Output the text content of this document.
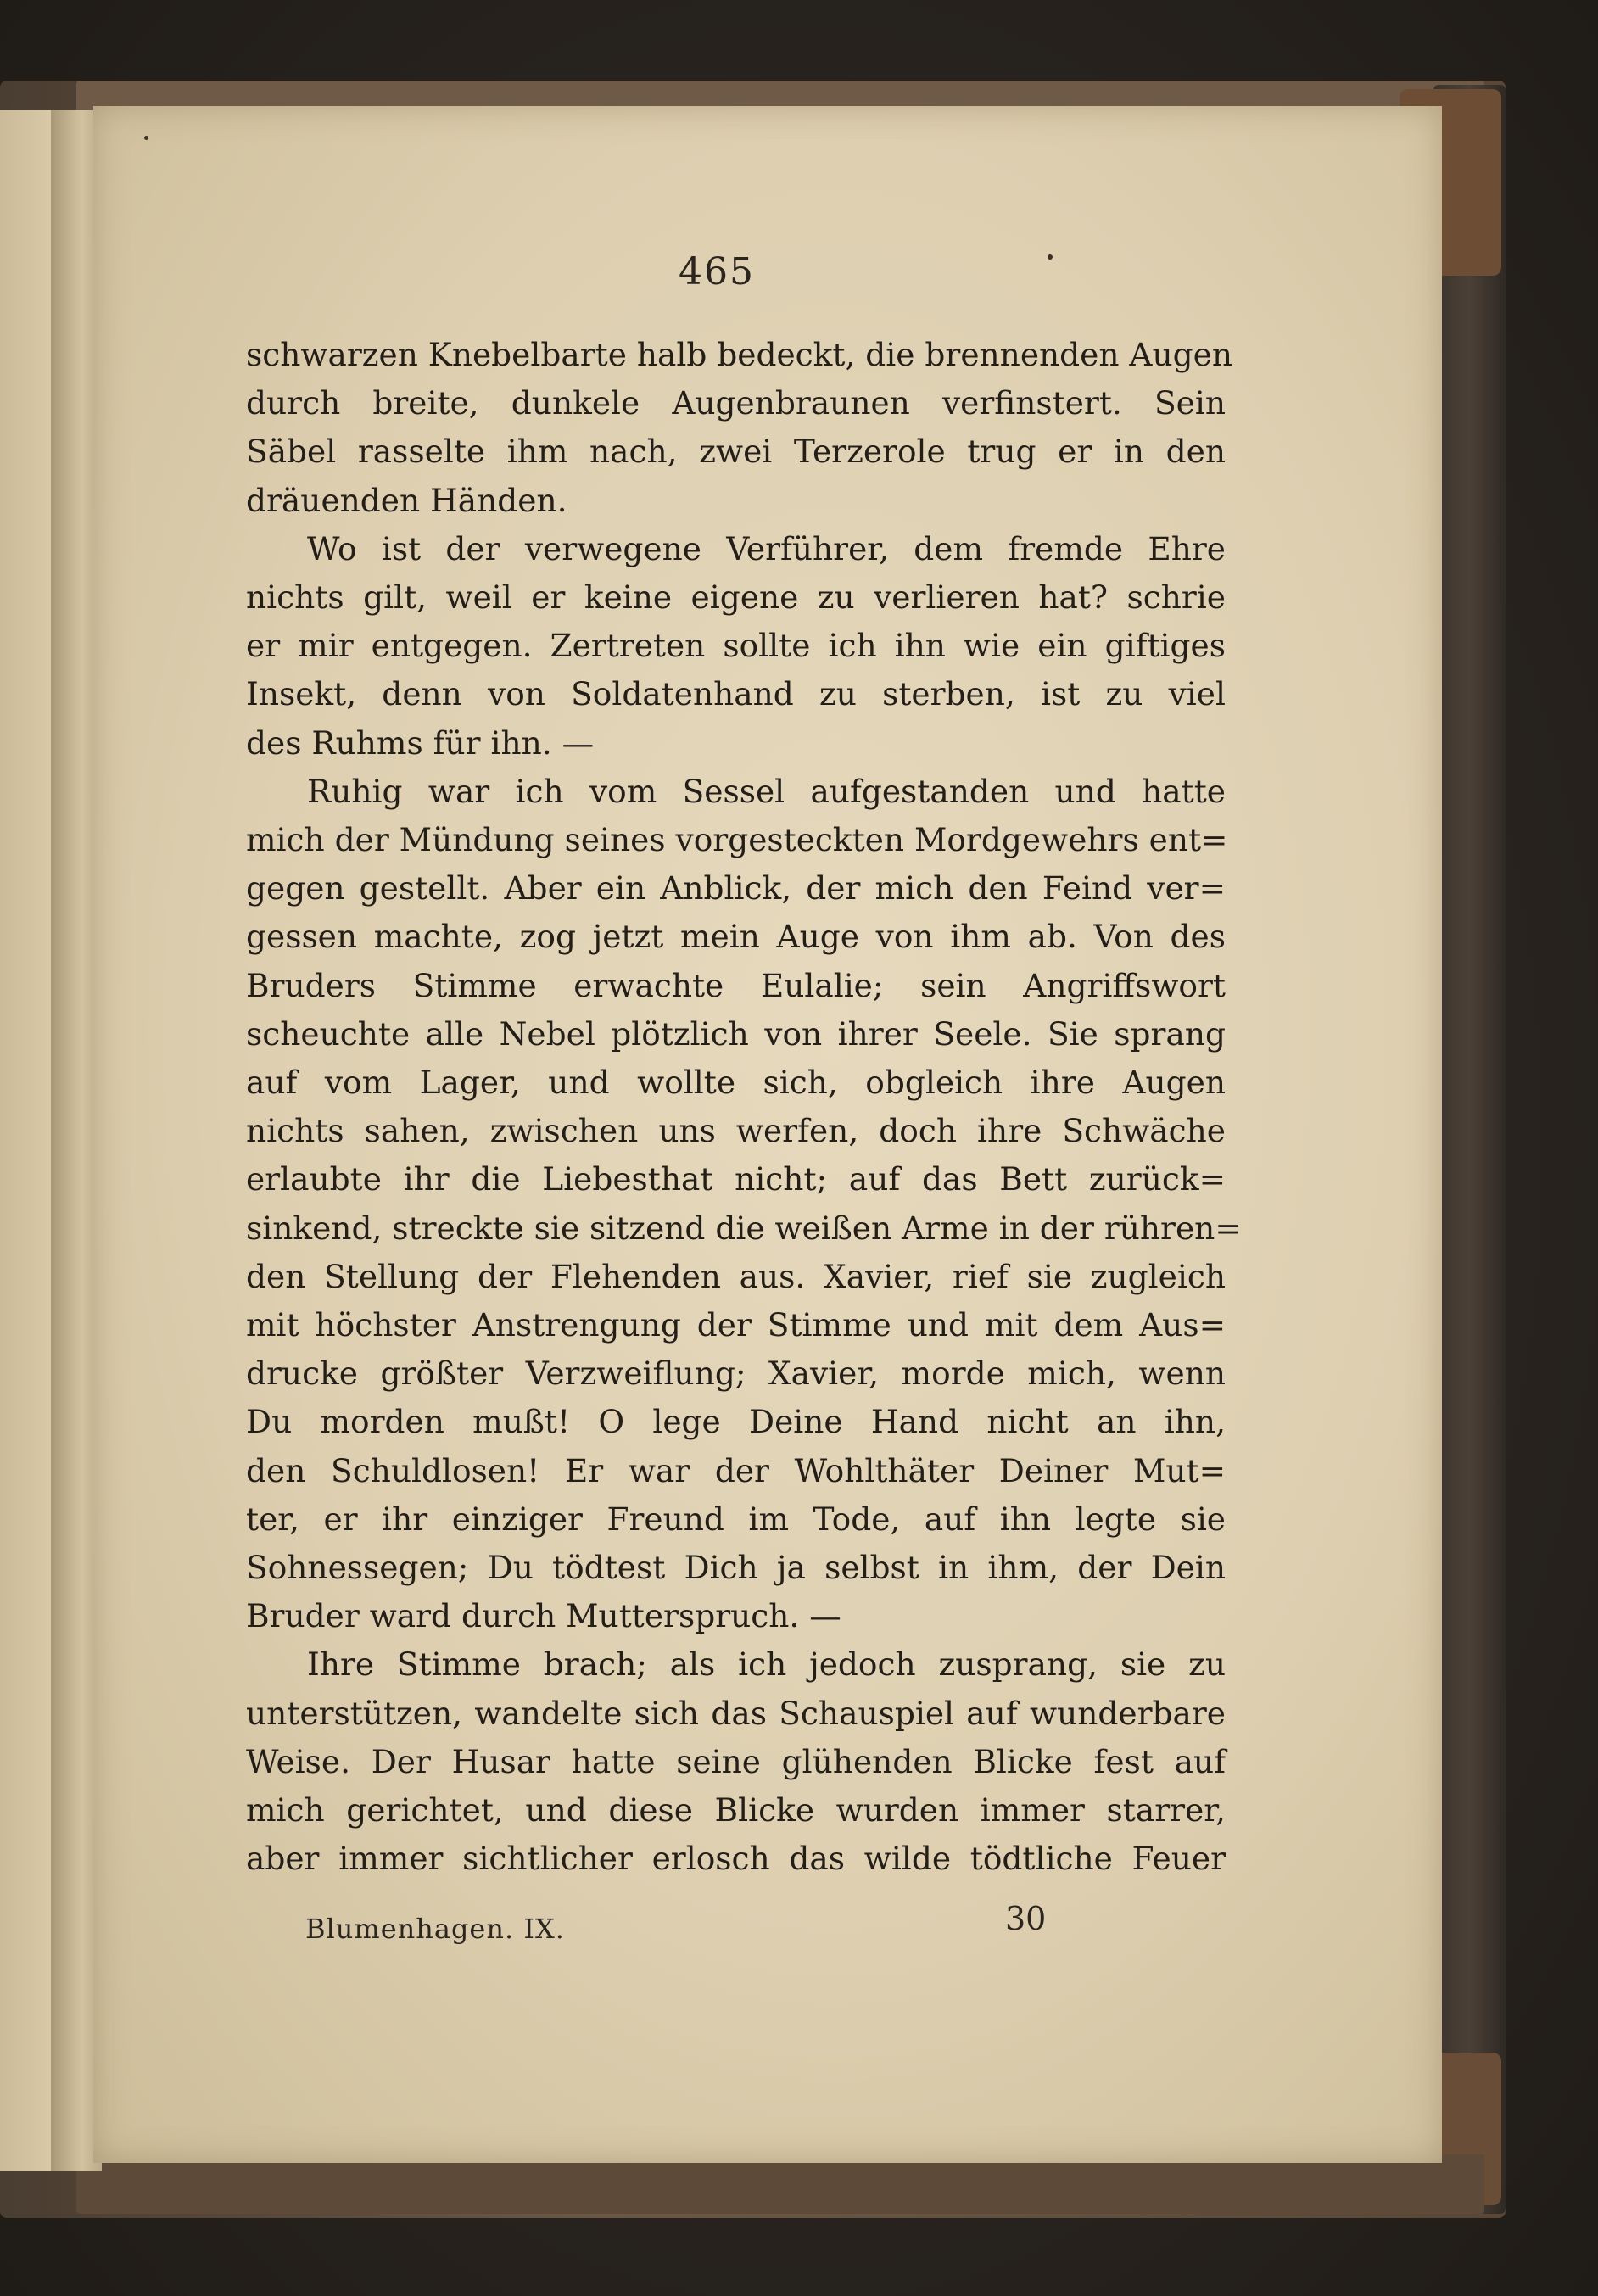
465
schwarzen Knebelbarte halb bedeckt, die brennenden Augen
durch breite, dunkele Augenbraunen verfinstert. Sein
Säbel rasselte ihm nach, zwei Terzerole trug er in den
dräuenden Händen.
Wo ist der verwegene Verführer, dem fremde Ehre
nichts gilt, weil er keine eigene zu verlieren hat? schrie
er mir entgegen. Zertreten sollte ich ihn wie ein giftiges
Insekt, denn von Soldatenhand zu sterben, ist zu viel
des Ruhms für ihn. —
Ruhig war ich vom Sessel aufgestanden und hatte
mich der Mündung seines vorgesteckten Mordgewehrs ent=
gegen gestellt. Aber ein Anblick, der mich den Feind ver=
gessen machte, zog jetzt mein Auge von ihm ab. Von des
Bruders Stimme erwachte Eulalie; sein Angriffswort
scheuchte alle Nebel plötzlich von ihrer Seele. Sie sprang
auf vom Lager, und wollte sich, obgleich ihre Augen
nichts sahen, zwischen uns werfen, doch ihre Schwäche
erlaubte ihr die Liebesthat nicht; auf das Bett zurück=
sinkend, streckte sie sitzend die weißen Arme in der rühren=
den Stellung der Flehenden aus. Xavier, rief sie zugleich
mit höchster Anstrengung der Stimme und mit dem Aus=
drucke größter Verzweiflung; Xavier, morde mich, wenn
Du morden mußt! O lege Deine Hand nicht an ihn,
den Schuldlosen! Er war der Wohlthäter Deiner Mut=
ter, er ihr einziger Freund im Tode, auf ihn legte sie
Sohnessegen; Du tödtest Dich ja selbst in ihm, der Dein
Bruder ward durch Mutterspruch. —
Ihre Stimme brach; als ich jedoch zusprang, sie zu
unterstützen, wandelte sich das Schauspiel auf wunderbare
Weise. Der Husar hatte seine glühenden Blicke fest auf
mich gerichtet, und diese Blicke wurden immer starrer,
aber immer sichtlicher erlosch das wilde tödtliche Feuer
Blumenhagen. IX.	30
